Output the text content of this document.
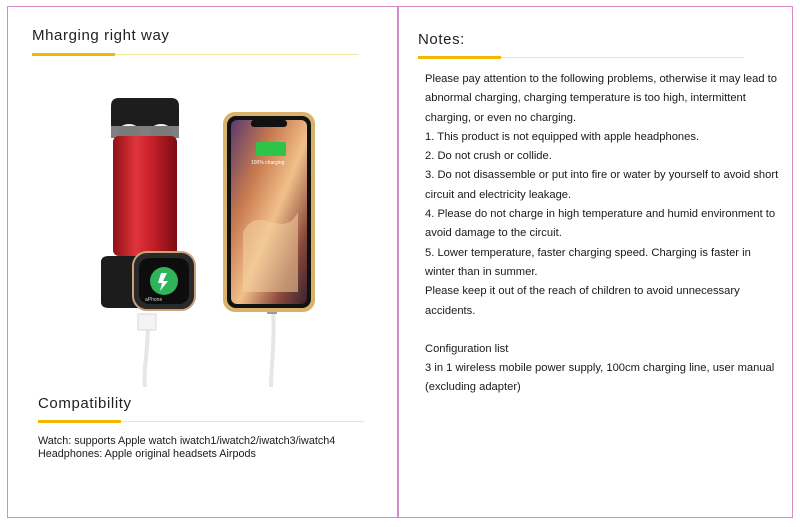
Mharging right way
aPhone
100% charging
Compatibility
Watch: supports Apple watch iwatch1/iwatch2/iwatch3/iwatch4
Headphones: Apple original headsets Airpods
Notes:

Please pay attention to the following problems, otherwise it may lead to abnormal charging, charging temperature is too high, intermittent charging, or even no charging.

1. This product is not equipped with apple headphones.

2. Do not crush or collide.

3. Do not disassemble or put into fire or water by yourself to avoid short circuit and electricity leakage.

4. Please do not charge in high temperature and humid environment to avoid damage to the circuit.

5. Lower temperature, faster charging speed. Charging is faster in winter than in summer.

Please keep it out of the reach of children to avoid unnecessary accidents.

Configuration list

3 in 1 wireless mobile power supply, 100cm charging line, user manual (excluding adapter)
